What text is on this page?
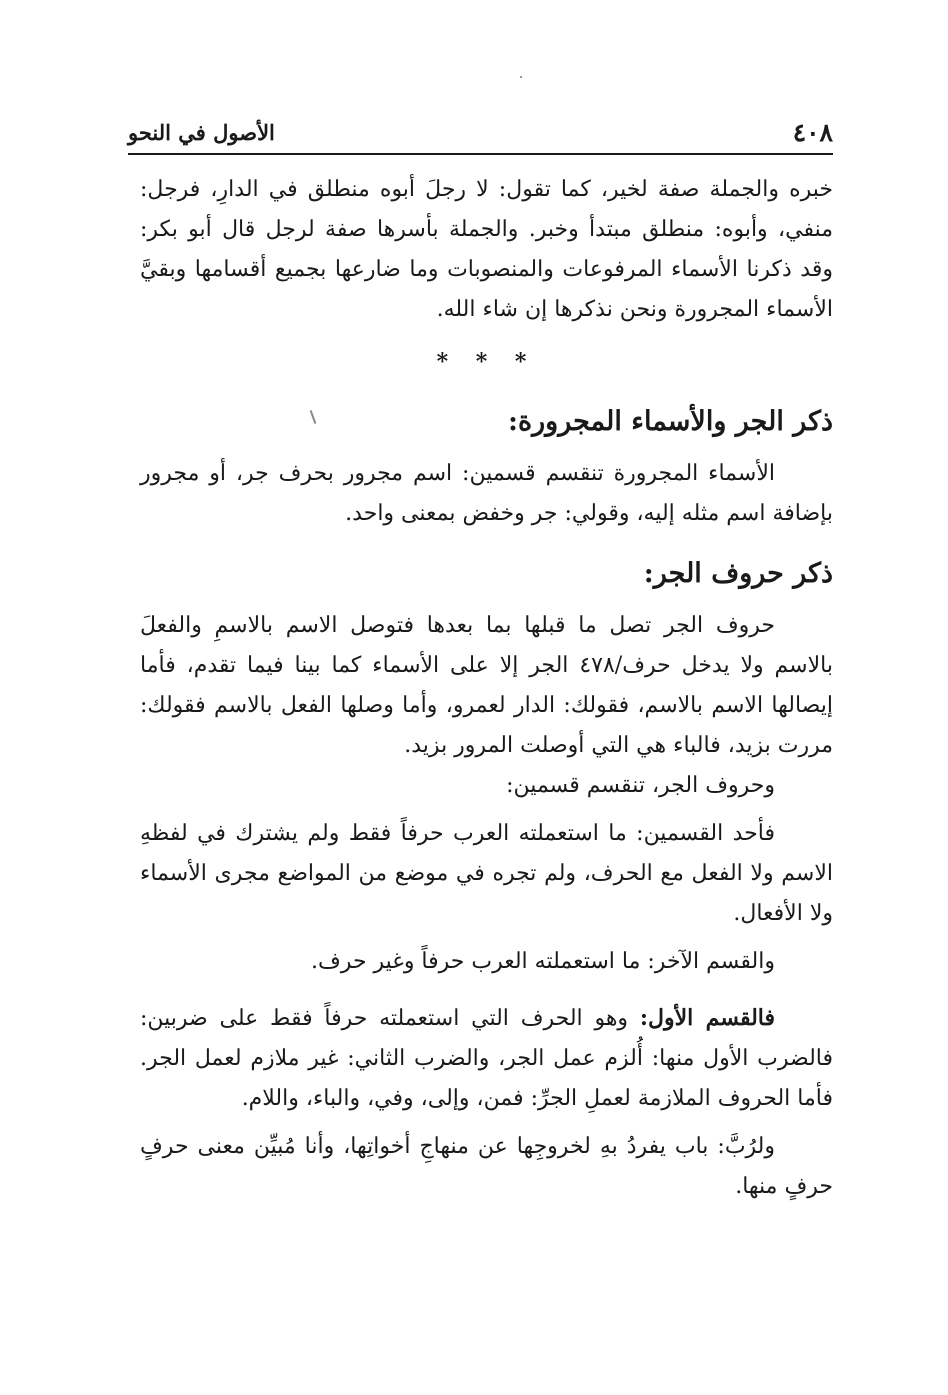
٤٠٨
الأصول في النحو

خبره والجملة صفة لخير، كما تقول: لا رجلَ أبوه منطلق في الدارِ، فرجل: منفي، وأبوه: منطلق مبتدأ وخبر. والجملة بأسرها صفة لرجل قال أبو بكر: وقد ذكرنا الأسماء المرفوعات والمنصوبات وما ضارعها بجميع أقسامها وبقيَّ الأسماء المجرورة ونحن نذكرها إن شاء الله.

* * *

ذكر الجر والأسماء المجرورة:

الأسماء المجرورة تنقسم قسمين: اسم مجرور بحرف جر، أو مجرور بإضافة اسم مثله إليه، وقولي: جر وخفض بمعنى واحد.

ذكر حروف الجر:

حروف الجر تصل ما قبلها بما بعدها فتوصل الاسم بالاسمِ والفعلَ بالاسم ولا يدخل حرف/٤٧٨ الجر إلا على الأسماء كما بينا فيما تقدم، فأما إيصالها الاسم بالاسم، فقولك: الدار لعمرو، وأما وصلها الفعل بالاسم فقولك: مررت بزيد، فالباء هي التي أوصلت المرور بزيد.

وحروف الجر، تنقسم قسمين:

فأحد القسمين: ما استعملته العرب حرفاً فقط ولم يشترك في لفظهِ الاسم ولا الفعل مع الحرف، ولم تجره في موضع من المواضع مجرى الأسماء ولا الأفعال.

والقسم الآخر: ما استعملته العرب حرفاً وغير حرف.

فالقسم الأول: وهو الحرف التي استعملته حرفاً فقط على ضربين: فالضرب الأول منها: أُلزم عمل الجر، والضرب الثاني: غير ملازم لعمل الجر. فأما الحروف الملازمة لعملِ الجرِّ: فمن، وإلى، وفي، والباء، واللام.

ولرُبَّ: باب يفردُ بهِ لخروجِها عن منهاجِ أخواتِها، وأنا مُبيِّن معنى حرفٍ حرفٍ منها.
